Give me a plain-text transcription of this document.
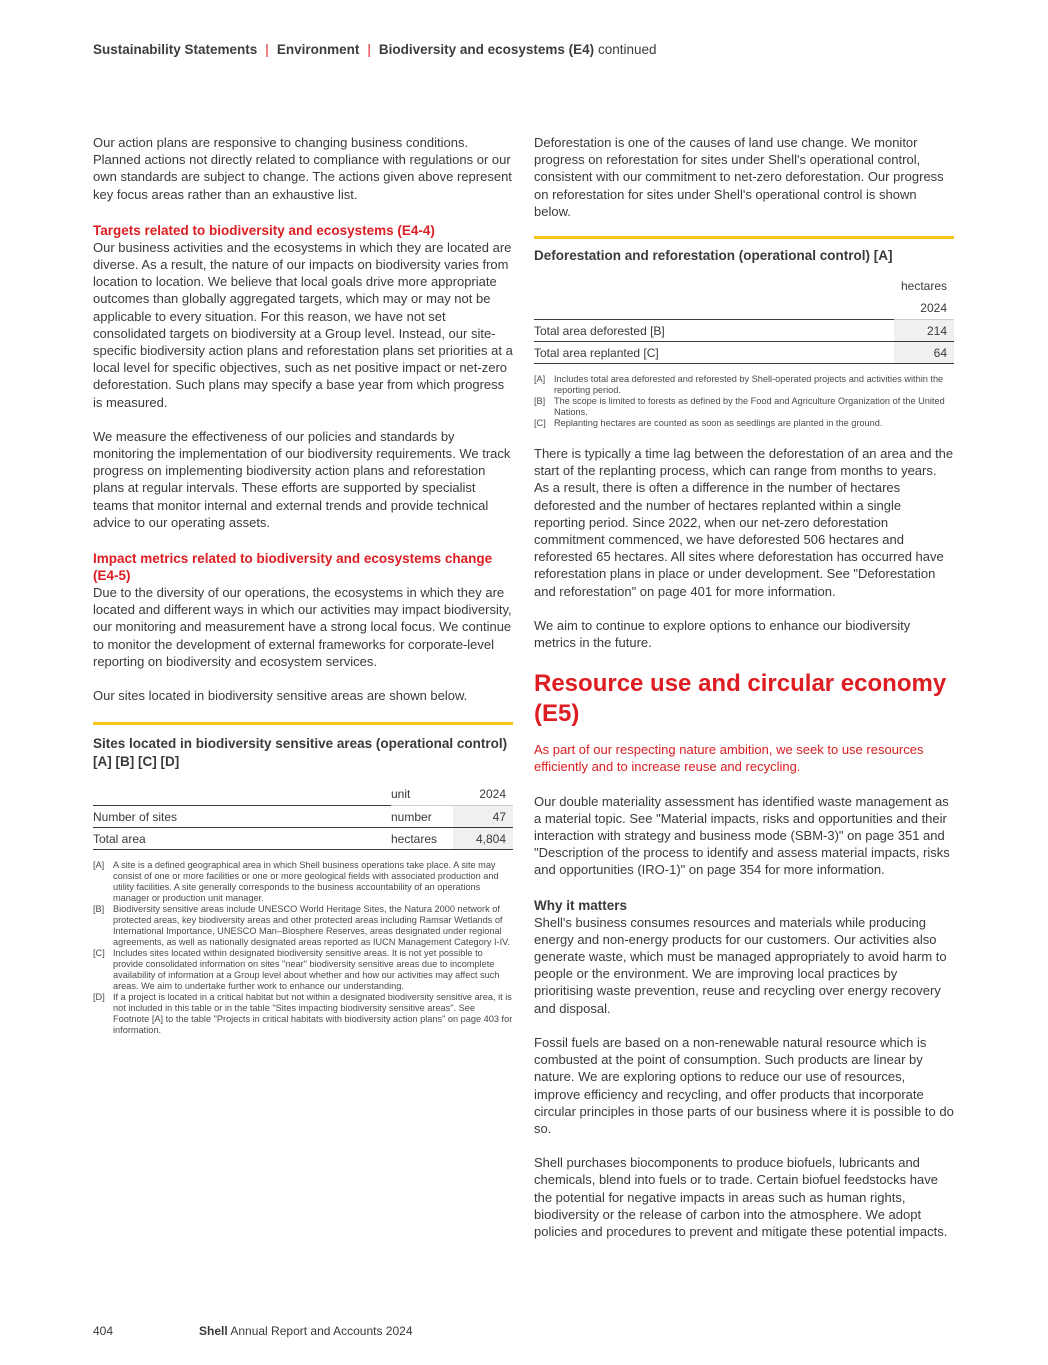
Sustainability Statements | Environment | Biodiversity and ecosystems (E4) continued

Our action plans are responsive to changing business conditions. Planned actions not directly related to compliance with regulations or our own standards are subject to change. The actions given above represent key focus areas rather than an exhaustive list.

Targets related to biodiversity and ecosystems (E4-4)

Our business activities and the ecosystems in which they are located are diverse. As a result, the nature of our impacts on biodiversity varies from location to location. We believe that local goals drive more appropriate outcomes than globally aggregated targets, which may or may not be applicable to every situation. For this reason, we have not set consolidated targets on biodiversity at a Group level. Instead, our site-specific biodiversity action plans and reforestation plans set priorities at a local level for specific objectives, such as net positive impact or net-zero deforestation. Such plans may specify a base year from which progress is measured.

We measure the effectiveness of our policies and standards by monitoring the implementation of our biodiversity requirements. We track progress on implementing biodiversity action plans and reforestation plans at regular intervals. These efforts are supported by specialist teams that monitor internal and external trends and provide technical advice to our operating assets.

Impact metrics related to biodiversity and ecosystems change (E4-5)

Due to the diversity of our operations, the ecosystems in which they are located and different ways in which our activities may impact biodiversity, our monitoring and measurement have a strong local focus. We continue to monitor the development of external frameworks for corporate-level reporting on biodiversity and ecosystem services.

Our sites located in biodiversity sensitive areas are shown below.

Sites located in biodiversity sensitive areas (operational control) [A] [B] [C] [D]
	unit	2024
Number of sites	number	47
Total area	hectares	4,804
[A] A site is a defined geographical area in which Shell business operations take place. A site may consist of one or more facilities or one or more geological fields with associated production and utility facilities. A site generally corresponds to the business accountability of an operations manager or production unit manager.
[B] Biodiversity sensitive areas include UNESCO World Heritage Sites, the Natura 2000 network of protected areas, key biodiversity areas and other protected areas including Ramsar Wetlands of International Importance, UNESCO Man–Biosphere Reserves, areas designated under regional agreements, as well as nationally designated areas reported as IUCN Management Category I-IV.
[C] Includes sites located within designated biodiversity sensitive areas. It is not yet possible to provide consolidated information on sites "near" biodiversity sensitive areas due to incomplete availability of information at a Group level about whether and how our activities may affect such areas. We aim to undertake further work to enhance our understanding.
[D] If a project is located in a critical habitat but not within a designated biodiversity sensitive area, it is not included in this table or in the table "Sites impacting biodiversity sensitive areas". See Footnote [A] to the table "Projects in critical habitats with biodiversity action plans" on page 403 for information.

Deforestation is one of the causes of land use change. We monitor progress on reforestation for sites under Shell's operational control, consistent with our commitment to net-zero deforestation. Our progress on reforestation for sites under Shell's operational control is shown below.

Deforestation and reforestation (operational control) [A]
	hectares
	2024
Total area deforested [B]	214
Total area replanted [C]	64
[A] Includes total area deforested and reforested by Shell-operated projects and activities within the reporting period.
[B] The scope is limited to forests as defined by the Food and Agriculture Organization of the United Nations.
[C] Replanting hectares are counted as soon as seedlings are planted in the ground.

There is typically a time lag between the deforestation of an area and the start of the replanting process, which can range from months to years. As a result, there is often a difference in the number of hectares deforested and the number of hectares replanted within a single reporting period. Since 2022, when our net-zero deforestation commitment commenced, we have deforested 506 hectares and reforested 65 hectares. All sites where deforestation has occurred have reforestation plans in place or under development. See "Deforestation and reforestation" on page 401 for more information.

We aim to continue to explore options to enhance our biodiversity metrics in the future.

Resource use and circular economy (E5)

As part of our respecting nature ambition, we seek to use resources efficiently and to increase reuse and recycling.

Our double materiality assessment has identified waste management as a material topic. See "Material impacts, risks and opportunities and their interaction with strategy and business mode (SBM-3)" on page 351 and "Description of the process to identify and assess material impacts, risks and opportunities (IRO-1)" on page 354 for more information.

Why it matters

Shell's business consumes resources and materials while producing energy and non-energy products for our customers. Our activities also generate waste, which must be managed appropriately to avoid harm to people or the environment. We are improving local practices by prioritising waste prevention, reuse and recycling over energy recovery and disposal.

Fossil fuels are based on a non-renewable natural resource which is combusted at the point of consumption. Such products are linear by nature. We are exploring options to reduce our use of resources, improve efficiency and recycling, and offer products that incorporate circular principles in those parts of our business where it is possible to do so.

Shell purchases biocomponents to produce biofuels, lubricants and chemicals, blend into fuels or to trade. Certain biofuel feedstocks have the potential for negative impacts in areas such as human rights, biodiversity or the release of carbon into the atmosphere. We adopt policies and procedures to prevent and mitigate these potential impacts.

404	Shell Annual Report and Accounts 2024
